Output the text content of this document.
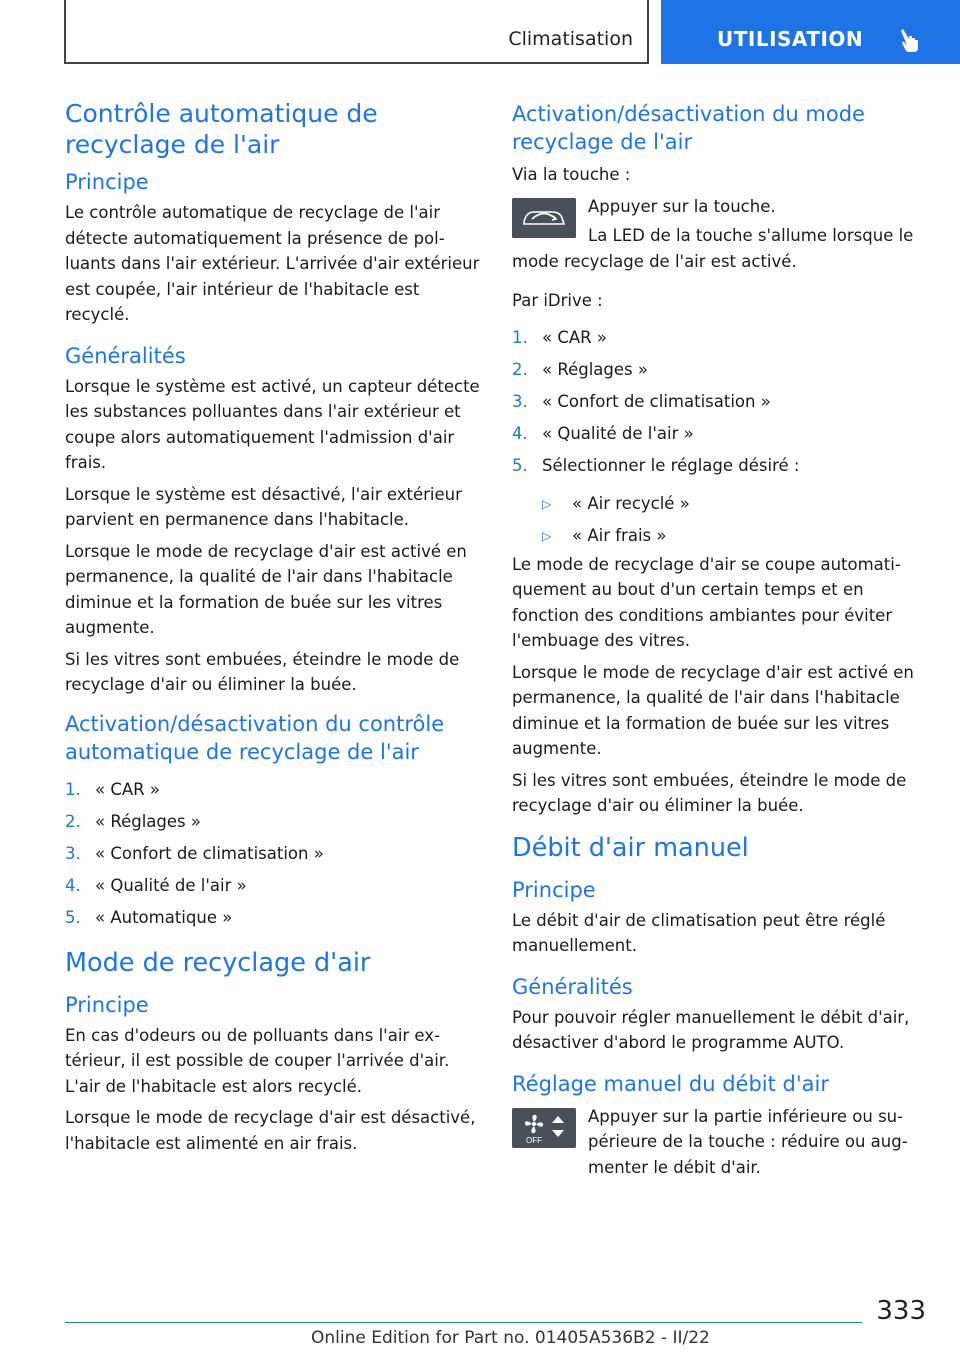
Climatisation	UTILISATION
Contrôle automatique de recyclage de l'air
Principe

Le contrôle automatique de recyclage de l'air détecte automatiquement la présence de polluants dans l'air extérieur. L'arrivée d'air extérieur est coupée, l'air intérieur de l'habitacle est recyclé.

Généralités

Lorsque le système est activé, un capteur détecte les substances polluantes dans l'air extérieur et coupe alors automatiquement l'admission d'air frais.

Lorsque le système est désactivé, l'air extérieur parvient en permanence dans l'habitacle.

Lorsque le mode de recyclage d'air est activé en permanence, la qualité de l'air dans l'habitacle diminue et la formation de buée sur les vitres augmente.

Si les vitres sont embuées, éteindre le mode de recyclage d'air ou éliminer la buée.

Activation/désactivation du contrôle automatique de recyclage de l'air
1. « CAR »
2. « Réglages »
3. « Confort de climatisation »
4. « Qualité de l'air »
5. « Automatique »
Mode de recyclage d'air
Principe

En cas d'odeurs ou de polluants dans l'air extérieur, il est possible de couper l'arrivée d'air. L'air de l'habitacle est alors recyclé.

Lorsque le mode de recyclage d'air est désactivé, l'habitacle est alimenté en air frais.

Activation/désactivation du mode recyclage de l'air

Via la touche :

Appuyer sur la touche.

La LED de la touche s'allume lorsque le mode recyclage de l'air est activé.

Par iDrive :

1. « CAR »
2. « Réglages »
3. « Confort de climatisation »
4. « Qualité de l'air »
5. Sélectionner le réglage désiré :
▷ « Air recyclé »
▷ « Air frais »

Le mode de recyclage d'air se coupe automatiquement au bout d'un certain temps et en fonction des conditions ambiantes pour éviter l'embuage des vitres.

Lorsque le mode de recyclage d'air est activé en permanence, la qualité de l'air dans l'habitacle diminue et la formation de buée sur les vitres augmente.

Si les vitres sont embuées, éteindre le mode de recyclage d'air ou éliminer la buée.

Débit d'air manuel
Principe

Le débit d'air de climatisation peut être réglé manuellement.

Généralités

Pour pouvoir régler manuellement le débit d'air, désactiver d'abord le programme AUTO.

Réglage manuel du débit d'air
OFF

Appuyer sur la partie inférieure ou supérieure de la touche : réduire ou augmenter le débit d'air.

333
Online Edition for Part no. 01405A536B2 - II/22
